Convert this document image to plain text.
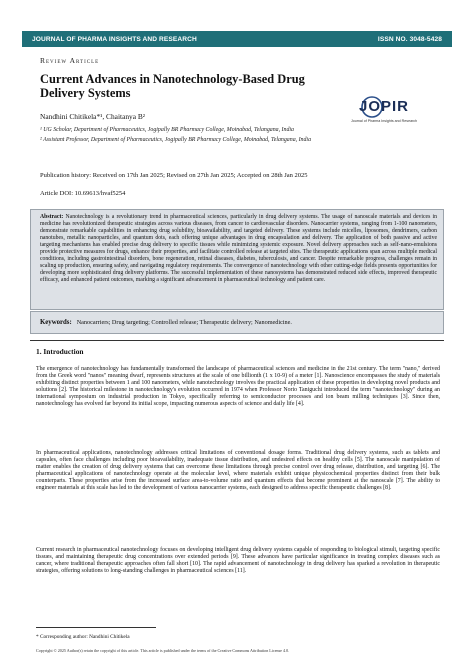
JOURNAL OF PHARMA INSIGHTS AND RESEARCH	ISSN NO. 3048-5428
Review Article
Current Advances in Nanotechnology-Based Drug Delivery Systems
JOPIR
Journal of Pharma Insights and Research
Nandhini Chitikela*¹, Chaitanya B²
¹ UG Scholar, Department of Pharmaceutics, Jogipally BR Pharmacy College, Moinabad, Telangana, India
² Assistant Professor, Department of Pharmaceutics, Jogipally BR Pharmacy College, Moinabad, Telangana, India
Publication history: Received on 17th Jan 2025; Revised on 27th Jan 2025; Accepted on 28th Jan 2025
Article DOI: 10.69613/hvaf5254

Abstract: Nanotechnology is a revolutionary trend in pharmaceutical sciences, particularly in drug delivery systems. The usage of nanoscale materials and devices in medicine has revolutionized therapeutic strategies across various diseases, from cancer to cardiovascular disorders. Nanocarrier systems, ranging from 1-100 nanometers, demonstrate remarkable capabilities in enhancing drug solubility, bioavailability, and targeted delivery. These systems include micelles, liposomes, dendrimers, carbon nanotubes, metallic nanoparticles, and quantum dots, each offering unique advantages in drug encapsulation and delivery. The application of both passive and active targeting mechanisms has enabled precise drug delivery to specific tissues while minimizing systemic exposure. Novel delivery approaches such as self-nano-emulsions provide protective measures for drugs, enhance their properties, and facilitate controlled release at targeted sites. The therapeutic applications span across multiple medical conditions, including gastrointestinal disorders, bone regeneration, retinal diseases, diabetes, tuberculosis, and cancer. Despite remarkable progress, challenges remain in scaling up production, ensuring safety, and navigating regulatory requirements. The convergence of nanotechnology with other cutting-edge fields presents opportunities for developing more sophisticated drug delivery platforms. The successful implementation of these nanosystems has demonstrated reduced side effects, improved therapeutic efficacy, and enhanced patient outcomes, marking a significant advancement in pharmaceutical technology and patient care.

Keywords: Nanocarriers; Drug targeting; Controlled release; Therapeutic delivery; Nanomedicine.
1. Introduction

The emergence of nanotechnology has fundamentally transformed the landscape of pharmaceutical sciences and medicine in the 21st century. The term "nano," derived from the Greek word "nanos" meaning dwarf, represents structures at the scale of one billionth (1 x 10-9) of a meter [1]. Nanoscience encompasses the study of materials exhibiting distinct properties between 1 and 100 nanometers, while nanotechnology involves the practical application of these properties in developing novel products and solutions [2]. The historical milestone in nanotechnology's evolution occurred in 1974 when Professor Norio Taniguchi introduced the term "nanotechnology" during an international symposium on industrial production in Tokyo, specifically referring to semiconductor processes and ion beam milling techniques [3]. Since then, nanotechnology has evolved far beyond its initial scope, impacting numerous aspects of science and daily life [4].

In pharmaceutical applications, nanotechnology addresses critical limitations of conventional dosage forms. Traditional drug delivery systems, such as tablets and capsules, often face challenges including poor bioavailability, inadequate tissue distribution, and undesired effects on healthy cells [5]. The nanoscale manipulation of matter enables the creation of drug delivery systems that can overcome these limitations through precise control over drug release, distribution, and targeting [6]. The pharmaceutical applications of nanotechnology operate at the molecular level, where materials exhibit unique physicochemical properties distinct from their bulk counterparts. These properties arise from the increased surface area-to-volume ratio and quantum effects that become prominent at the nanoscale [7]. The ability to engineer materials at this scale has led to the development of various nanocarrier systems, each designed to address specific therapeutic challenges [8].

Current research in pharmaceutical nanotechnology focuses on developing intelligent drug delivery systems capable of responding to biological stimuli, targeting specific tissues, and maintaining therapeutic drug concentrations over extended periods [9]. These advances have particular significance in treating complex diseases such as cancer, where traditional therapeutic approaches often fall short [10]. The rapid advancement of nanotechnology in drug delivery has sparked a revolution in therapeutic strategies, offering solutions to long-standing challenges in pharmaceutical sciences [11].

* Corresponding author: Nandhini Chitikela
Copyright © 2025 Author(s) retain the copyright of this article. This article is published under the terms of the Creative Commons Attribution License 4.0.
